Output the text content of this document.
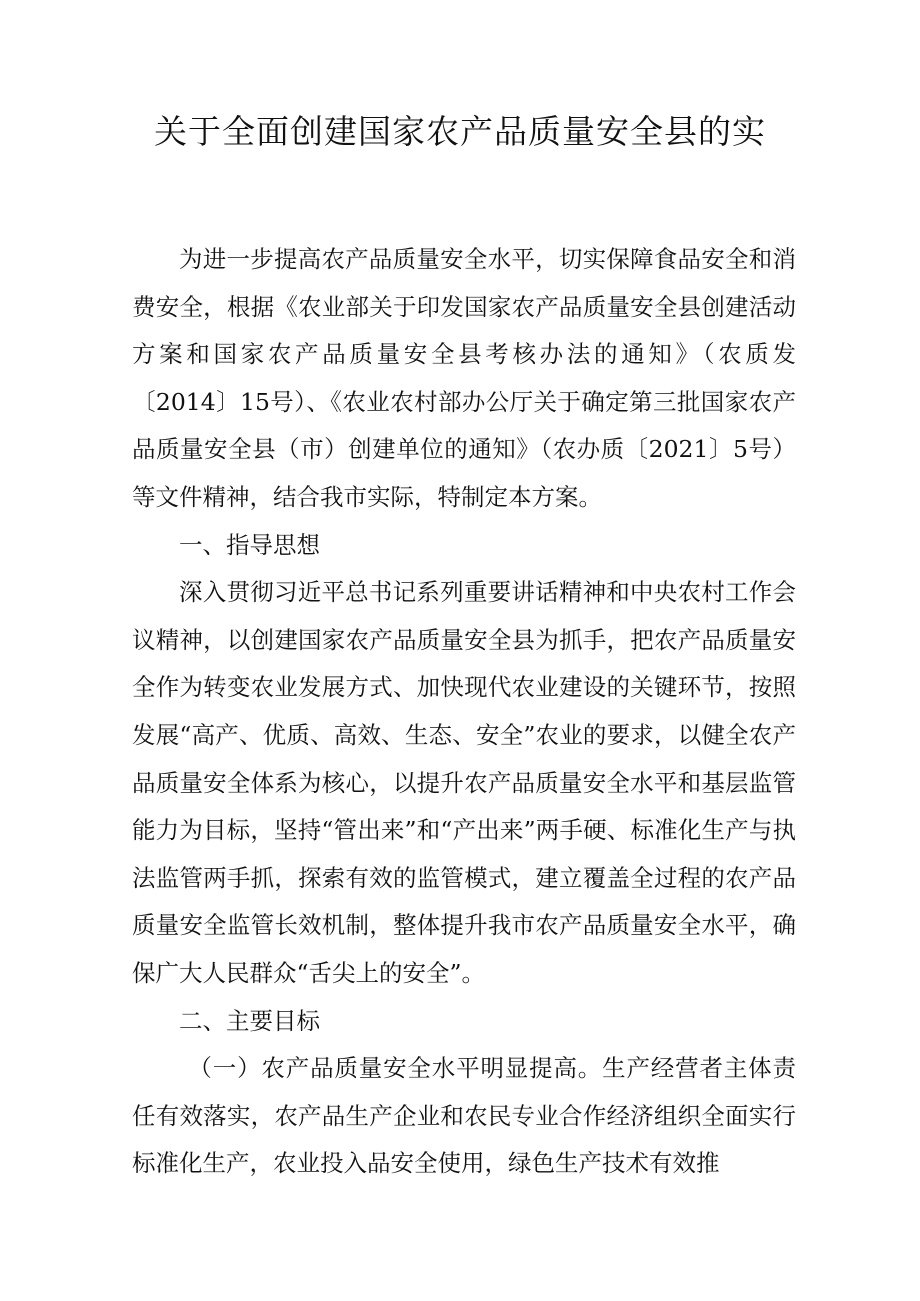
关于全面创建国家农产品质量安全县的实

为进一步提高农产品质量安全水平，切实保障食品安全和消费安全，根据《农业部关于印发国家农产品质量安全县创建活动方案和国家农产品质量安全县考核办法的通知》（农质发〔2014〕15号）、《农业农村部办公厅关于确定第三批国家农产品质量安全县（市）创建单位的通知》（农办质〔2021〕5号）等文件精神，结合我市实际，特制定本方案。

一、指导思想

深入贯彻习近平总书记系列重要讲话精神和中央农村工作会议精神，以创建国家农产品质量安全县为抓手，把农产品质量安全作为转变农业发展方式、加快现代农业建设的关键环节，按照发展“高产、优质、高效、生态、安全”农业的要求，以健全农产品质量安全体系为核心，以提升农产品质量安全水平和基层监管能力为目标，坚持“管出来”和“产出来”两手硬、标准化生产与执法监管两手抓，探索有效的监管模式，建立覆盖全过程的农产品质量安全监管长效机制，整体提升我市农产品质量安全水平，确保广大人民群众“舌尖上的安全”。

二、主要目标

（一）农产品质量安全水平明显提高。生产经营者主体责任有效落实，农产品生产企业和农民专业合作经济组织全面实行标准化生产，农业投入品安全使用，绿色生产技术有效推
